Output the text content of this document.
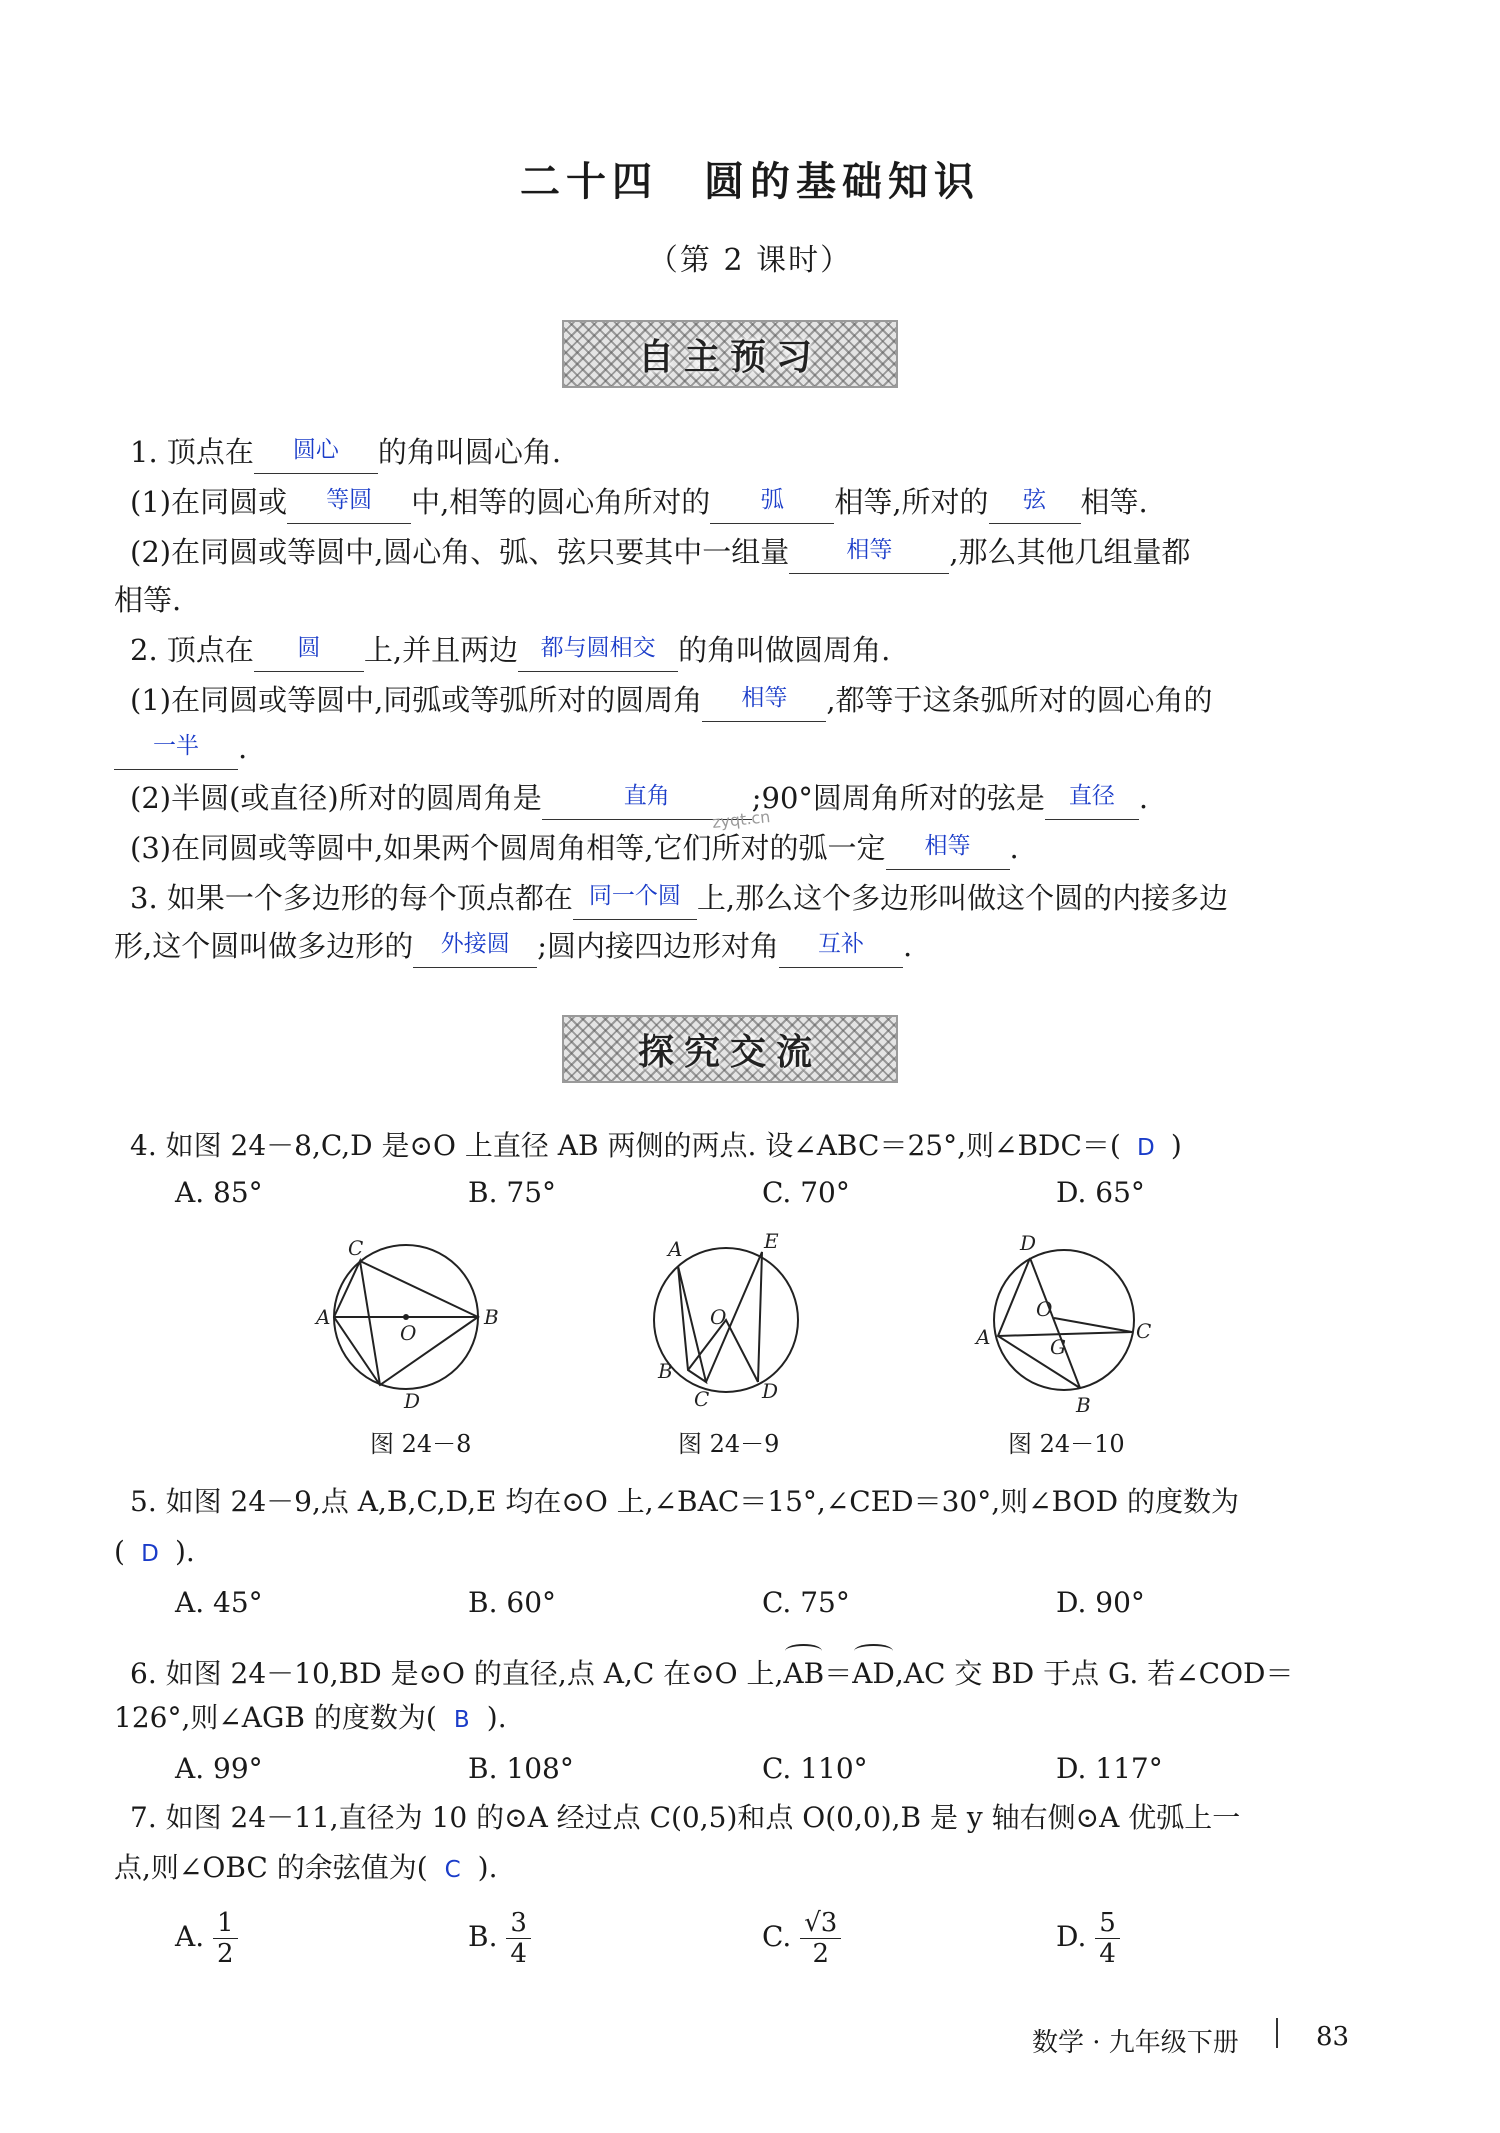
二十四　圆的基础知识
（第 2 课时）
自主预习
1. 顶点在 $^{圆心}$ 的角叫圆心角.
(1)在同圆或 $^{等圆}$ 中,相等的圆心角所对的 $^弧$ 相等,所对的 $^弦$ 相等.
(2)在同圆或等圆中,圆心角、弧、弦只要其中一组量 $^{相等}$ ,那么其他几组量都
相等.
2. 顶点在 $^圆$ 上,并且两边 $^{都与圆相交}$ 的角叫做圆周角.
(1)在同圆或等圆中,同弧或等弧所对的圆周角 $^{相等}$ ,都等于这条弧所对的圆心角的
$^{一半}$ .
(2)半圆(或直径)所对的圆周角是	$^{直角}$	;90°圆周角所对的弦是 $^{直径}$ .
(3)在同圆或等圆中,如果两个圆周角相等,它们所对的弧一定 $^{相等}$ .
zyqt.cn
3. 如果一个多边形的每个顶点都在 $^{同一个圆}$ 上,那么这个多边形叫做这个圆的内接多边
形,这个圆叫做多边形的 $^{外接圆}$ ;圆内接四边形对角 $^{互补}$ .
探究交流
4. 如图 24－8,C,D 是⊙O 上直径 AB 两侧的两点. 设∠ABC＝25°,则∠BDC＝( D )
A. 85°	B. 75°	C. 70°	D. 65°
C
A	B
O
D
图 24－8
A	E
O
B
C	D
图 24－9
D
O
A	C
G
B
图 24－10
5. 如图 24－9,点 A,B,C,D,E 均在⊙O 上,∠BAC＝15°,∠CED＝30°,则∠BOD 的度数为
( D ).
A. 45°	B. 60°	C. 75°	D. 90°
6. 如图 24－10,BD 是⊙O 的直径,点 A,C 在⊙O 上,
AB＝
AD,AC 交 BD 于点 G. 若∠COD＝
126°,则∠AGB 的度数为( B ).
A. 99°	B. 108°	C. 110°	D. 117°
7. 如图 24－11,直径为 10 的⊙A 经过点 C(0,5)和点 O(0,0),B 是 y 轴右侧⊙A 优弧上一
点,则∠OBC 的余弦值为( C ).
A. $\frac{1}{2}$	B. $\frac{3}{4}$	C. $\frac{√3}{2}$	D. $\frac{5}{4}$
数学 · 九年级下册	83
